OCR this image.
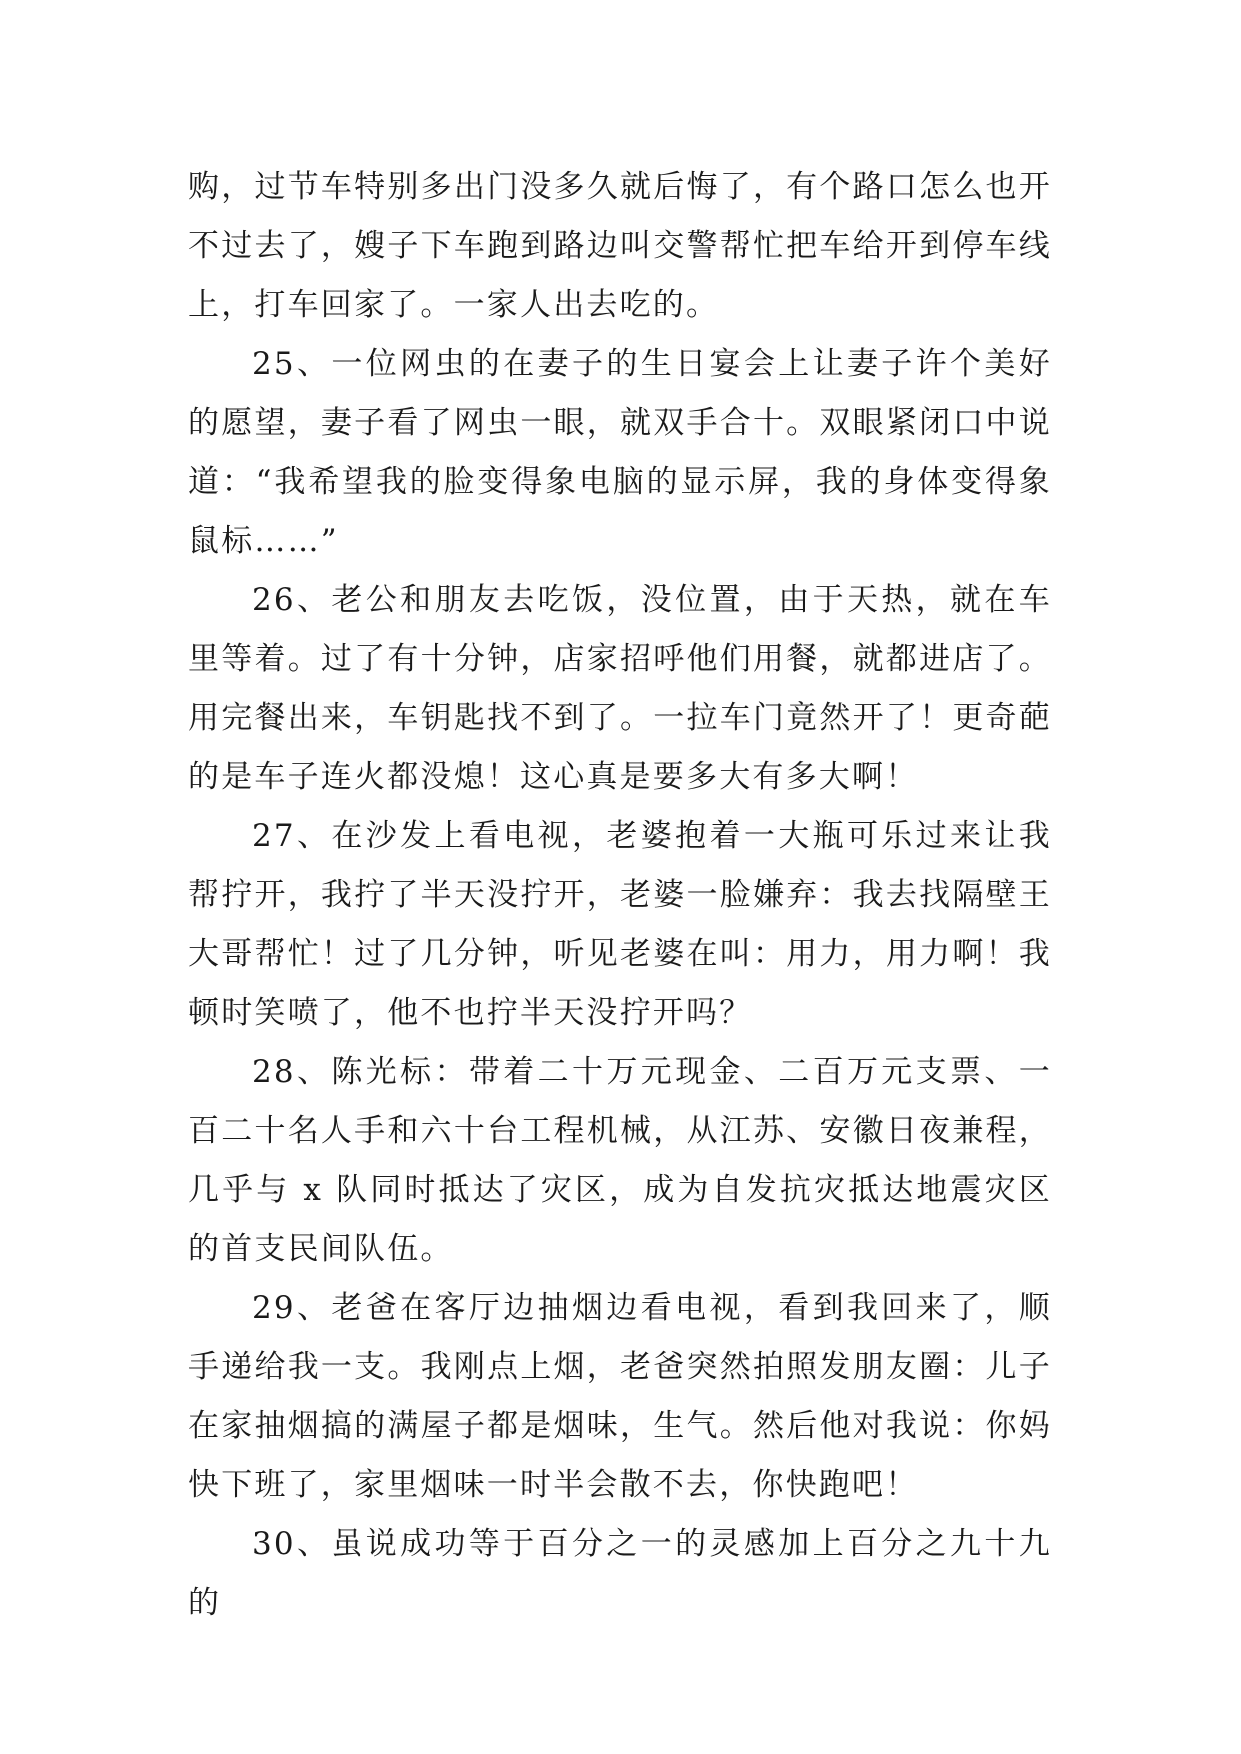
购，过节车特别多出门没多久就后悔了，有个路口怎么也开不过去了，嫂子下车跑到路边叫交警帮忙把车给开到停车线上，打车回家了。一家人出去吃的。

25、一位网虫的在妻子的生日宴会上让妻子许个美好的愿望，妻子看了网虫一眼，就双手合十。双眼紧闭口中说道：“我希望我的脸变得象电脑的显示屏，我的身体变得象鼠标……”

26、老公和朋友去吃饭，没位置，由于天热，就在车里等着。过了有十分钟，店家招呼他们用餐，就都进店了。用完餐出来，车钥匙找不到了。一拉车门竟然开了！更奇葩的是车子连火都没熄！这心真是要多大有多大啊！

27、在沙发上看电视，老婆抱着一大瓶可乐过来让我帮拧开，我拧了半天没拧开，老婆一脸嫌弃：我去找隔壁王大哥帮忙！过了几分钟，听见老婆在叫：用力，用力啊！我顿时笑喷了，他不也拧半天没拧开吗？

28、陈光标：带着二十万元现金、二百万元支票、一百二十名人手和六十台工程机械，从江苏、安徽日夜兼程，几乎与 x 队同时抵达了灾区，成为自发抗灾抵达地震灾区的首支民间队伍。

29、老爸在客厅边抽烟边看电视，看到我回来了，顺手递给我一支。我刚点上烟，老爸突然拍照发朋友圈：儿子在家抽烟搞的满屋子都是烟味，生气。然后他对我说：你妈快下班了，家里烟味一时半会散不去，你快跑吧！

30、虽说成功等于百分之一的灵感加上百分之九十九的
